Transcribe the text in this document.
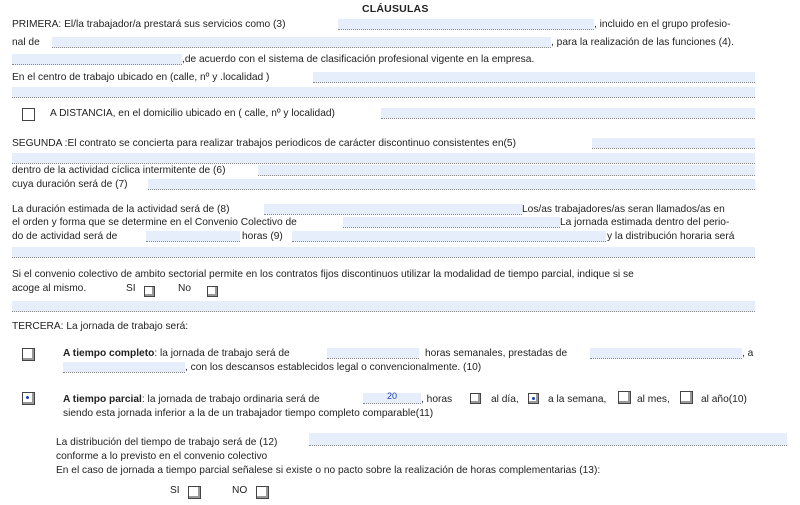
CLÁUSULAS
PRIMERA: El/la trabajador/a prestará sus servicios como (3)	, incluido en el grupo profesio-
nal de	, para la realización de las funciones (4).
,de acuerdo con el sistema de clasificación profesional vigente en la empresa.
En el centro de trabajo ubicado en (calle, nº y .localidad )
A DISTANCIA, en el domicilio ubicado en ( calle, nº y localidad)
SEGUNDA :El contrato se concierta para realizar trabajos periodicos de carácter discontinuo consistentes en(5)
dentro de la actividad cíclica intermitente de (6)
cuya duración será de (7)
La duración estimada de la actividad será de (8)	Los/as trabajadores/as seran llamados/as en
el orden y forma que se determine en el Convenio Colectivo de	La jornada estimada dentro del perio-
do de actividad será de	horas (9)	y la distribución horaria será
Si el convenio colectivo de ambito sectorial permite en los contratos fijos discontinuos utilizar la modalidad de tiempo parcial, indique si se
acoge al mismo.	SI	No
TERCERA: La jornada de trabajo será:
A tiempo completo: la jornada de trabajo será de	horas semanales, prestadas de	, a
, con los descansos establecidos legal o convencionalmente. (10)
A tiempo parcial: la jornada de trabajo ordinaria será de	20	, horas	al día,	a la semana,	al mes,	al año(10)
siendo esta jornada inferior a la de un trabajador tiempo completo comparable(11)
La distribución del tiempo de trabajo será de (12)
conforme a lo previsto en el convenio colectivo
En el caso de jornada a tiempo parcial señalese si existe o no pacto sobre la realización de horas complementarias (13):
SI	NO
